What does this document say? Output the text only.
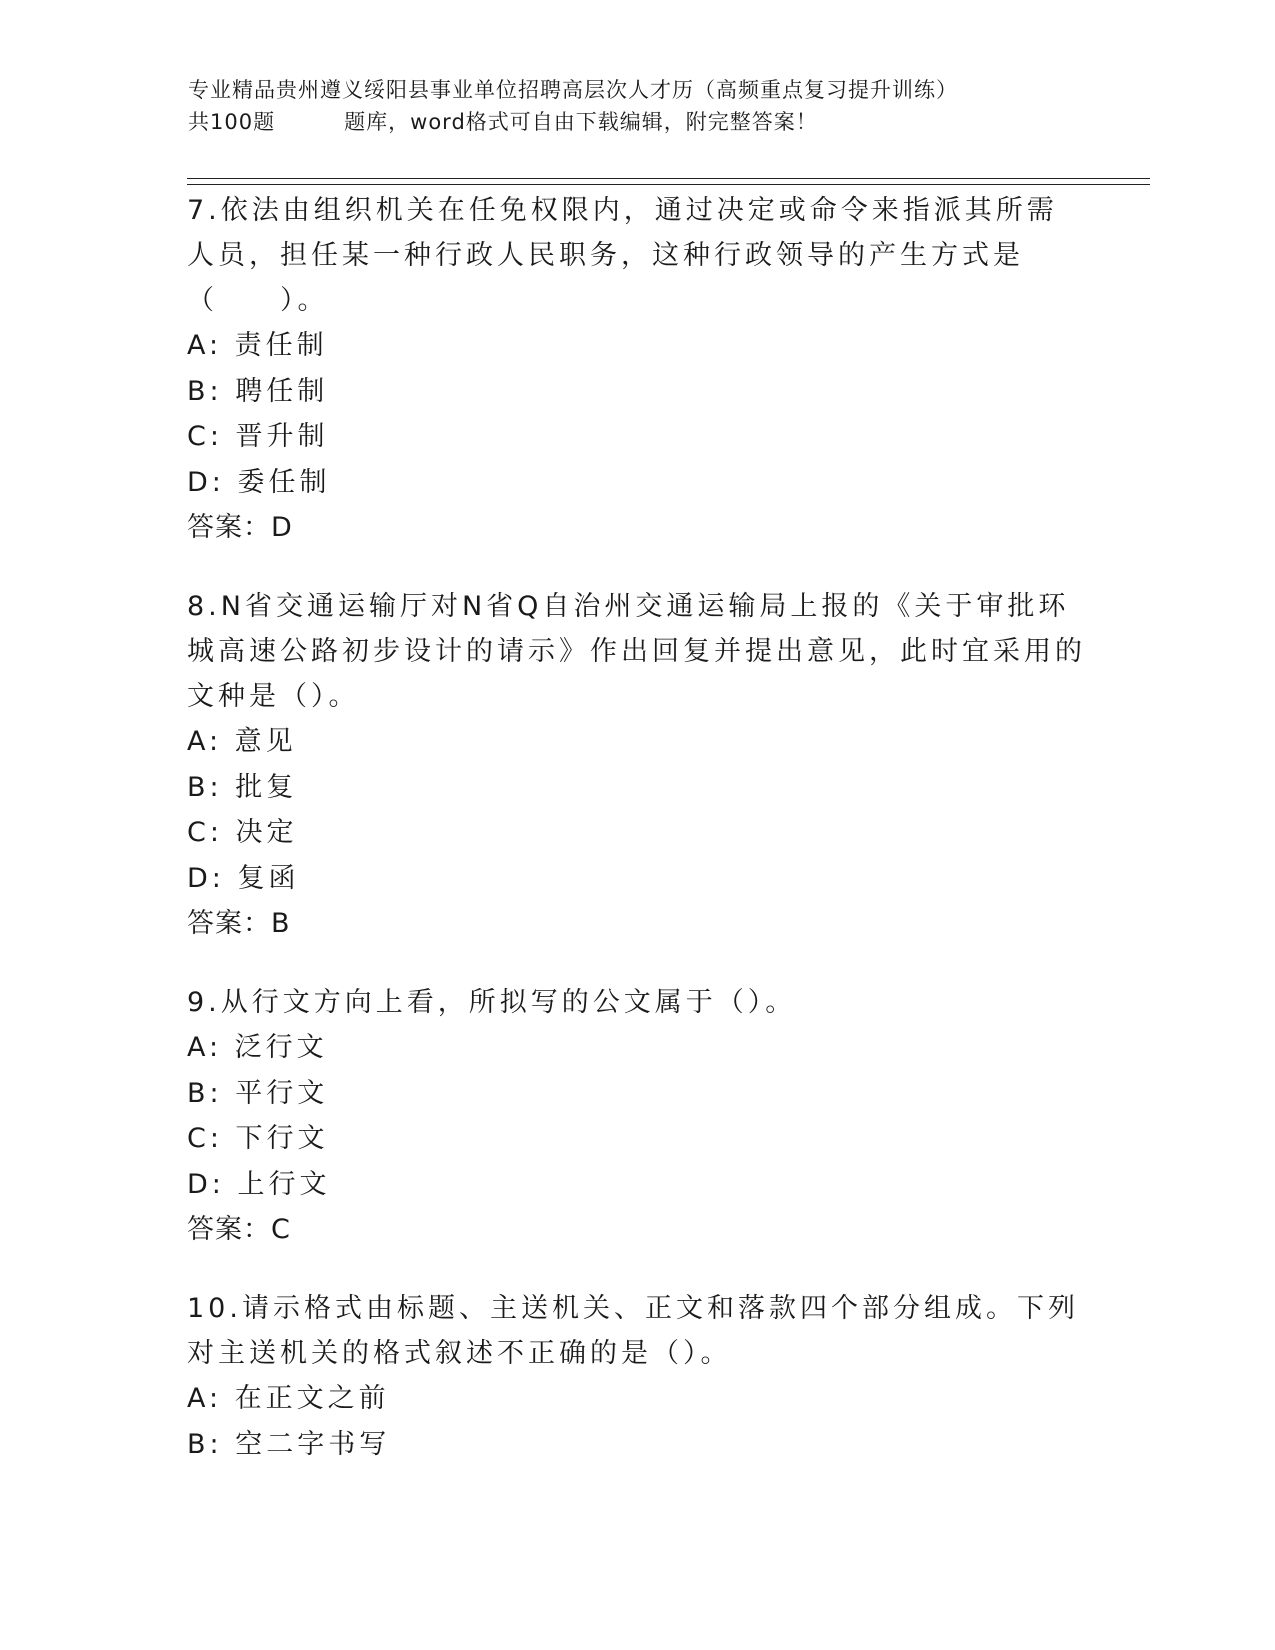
专业精品贵州遵义绥阳县事业单位招聘高层次人才历（高频重点复习提升训练）
共100题         题库，word格式可自由下载编辑，附完整答案！
7.依法由组织机关在任免权限内，通过决定或命令来指派其所需人员，担任某一种行政人民职务，这种行政领导的产生方式是（　　）。
A: 责任制
B: 聘任制
C: 晋升制
D: 委任制
答案：D
8.N省交通运输厅对N省Q自治州交通运输局上报的《关于审批环城高速公路初步设计的请示》作出回复并提出意见，此时宜采用的文种是（）。
A: 意见
B: 批复
C: 决定
D: 复函
答案：B
9.从行文方向上看，所拟写的公文属于（）。
A: 泛行文
B: 平行文
C: 下行文
D: 上行文
答案：C
10.请示格式由标题、主送机关、正文和落款四个部分组成。下列对主送机关的格式叙述不正确的是（）。
A: 在正文之前
B: 空二字书写
